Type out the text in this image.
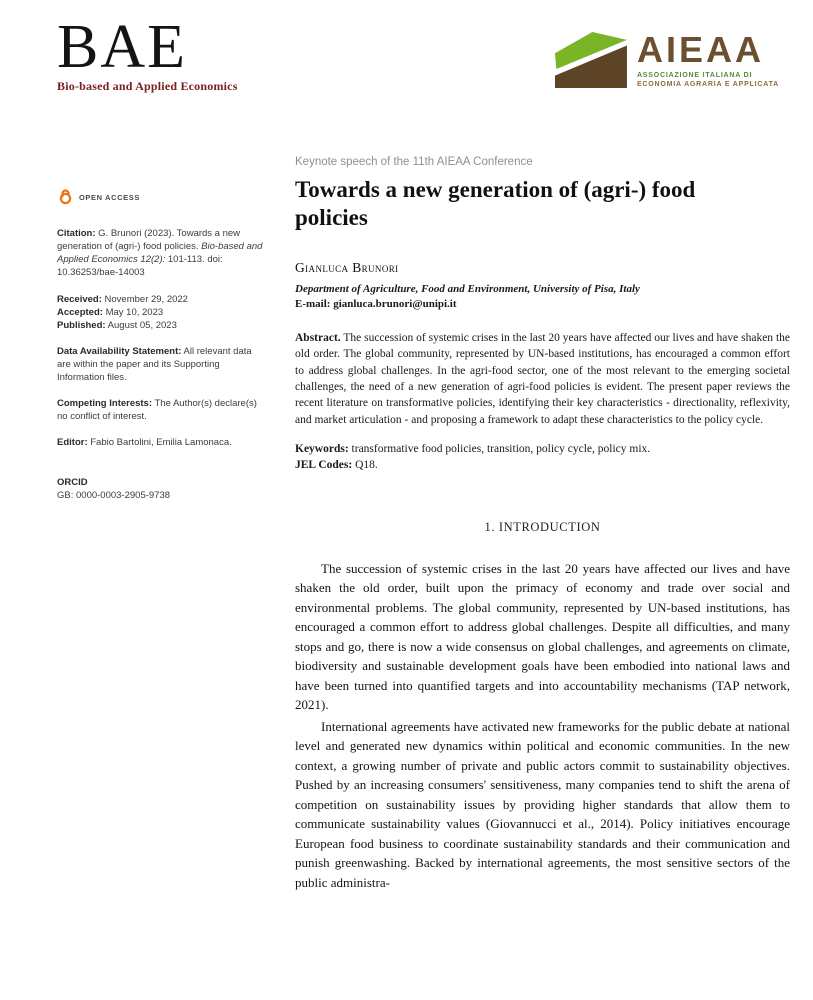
BAE
Bio-based and Applied Economics
AIEAA
ASSOCIAZIONE ITALIANA DI
ECONOMIA AGRARIA E APPLICATA
OPEN ACCESS
Citation: G. Brunori (2023). Towards a new generation of (agri-) food policies. Bio-based and Applied Economics 12(2): 101-113. doi: 10.36253/bae-14003
Received: November 29, 2022
Accepted: May 10, 2023
Published: August 05, 2023
Data Availability Statement: All relevant data are within the paper and its Supporting Information files.
Competing Interests: The Author(s) declare(s) no conflict of interest.
Editor: Fabio Bartolini, Emilia Lamonaca.
ORCID
GB: 0000-0003-2905-9738
Keynote speech of the 11th AIEAA Conference
Towards a new generation of (agri-) food policies
Gianluca Brunori
Department of Agriculture, Food and Environment, University of Pisa, Italy
E-mail: gianluca.brunori@unipi.it
Abstract. The succession of systemic crises in the last 20 years have affected our lives and have shaken the old order. The global community, represented by UN-based institutions, has encouraged a common effort to address global challenges. In the agri-food sector, one of the most relevant to the emerging societal challenges, the need of a new generation of agri-food policies is evident. The present paper reviews the recent literature on transformative policies, identifying their key characteristics - directionality, reflexivity, and market articulation - and proposing a framework to adapt these characteristics to the policy cycle.
Keywords: transformative food policies, transition, policy cycle, policy mix.
JEL Codes: Q18.
1. INTRODUCTION

The succession of systemic crises in the last 20 years have affected our lives and have shaken the old order, built upon the primacy of economy and trade over social and environmental problems. The global community, represented by UN-based institutions, has encouraged a common effort to address global challenges. Despite all difficulties, and many stops and go, there is now a wide consensus on global challenges, and agreements on climate, biodiversity and sustainable development goals have been embodied into national laws and have been turned into quantified targets and into accountability mechanisms (TAP network, 2021).

International agreements have activated new frameworks for the public debate at national level and generated new dynamics within political and economic communities. In the new context, a growing number of private and public actors commit to sustainability objectives. Pushed by an increasing consumers' sensitiveness, many companies tend to shift the arena of competition on sustainability issues by providing higher standards that allow them to communicate sustainability values (Giovannucci et al., 2014). Policy initiatives encourage European food business to coordinate sustainability standards and their communication and punish greenwashing. Backed by international agreements, the most sensitive sectors of the public administra-
